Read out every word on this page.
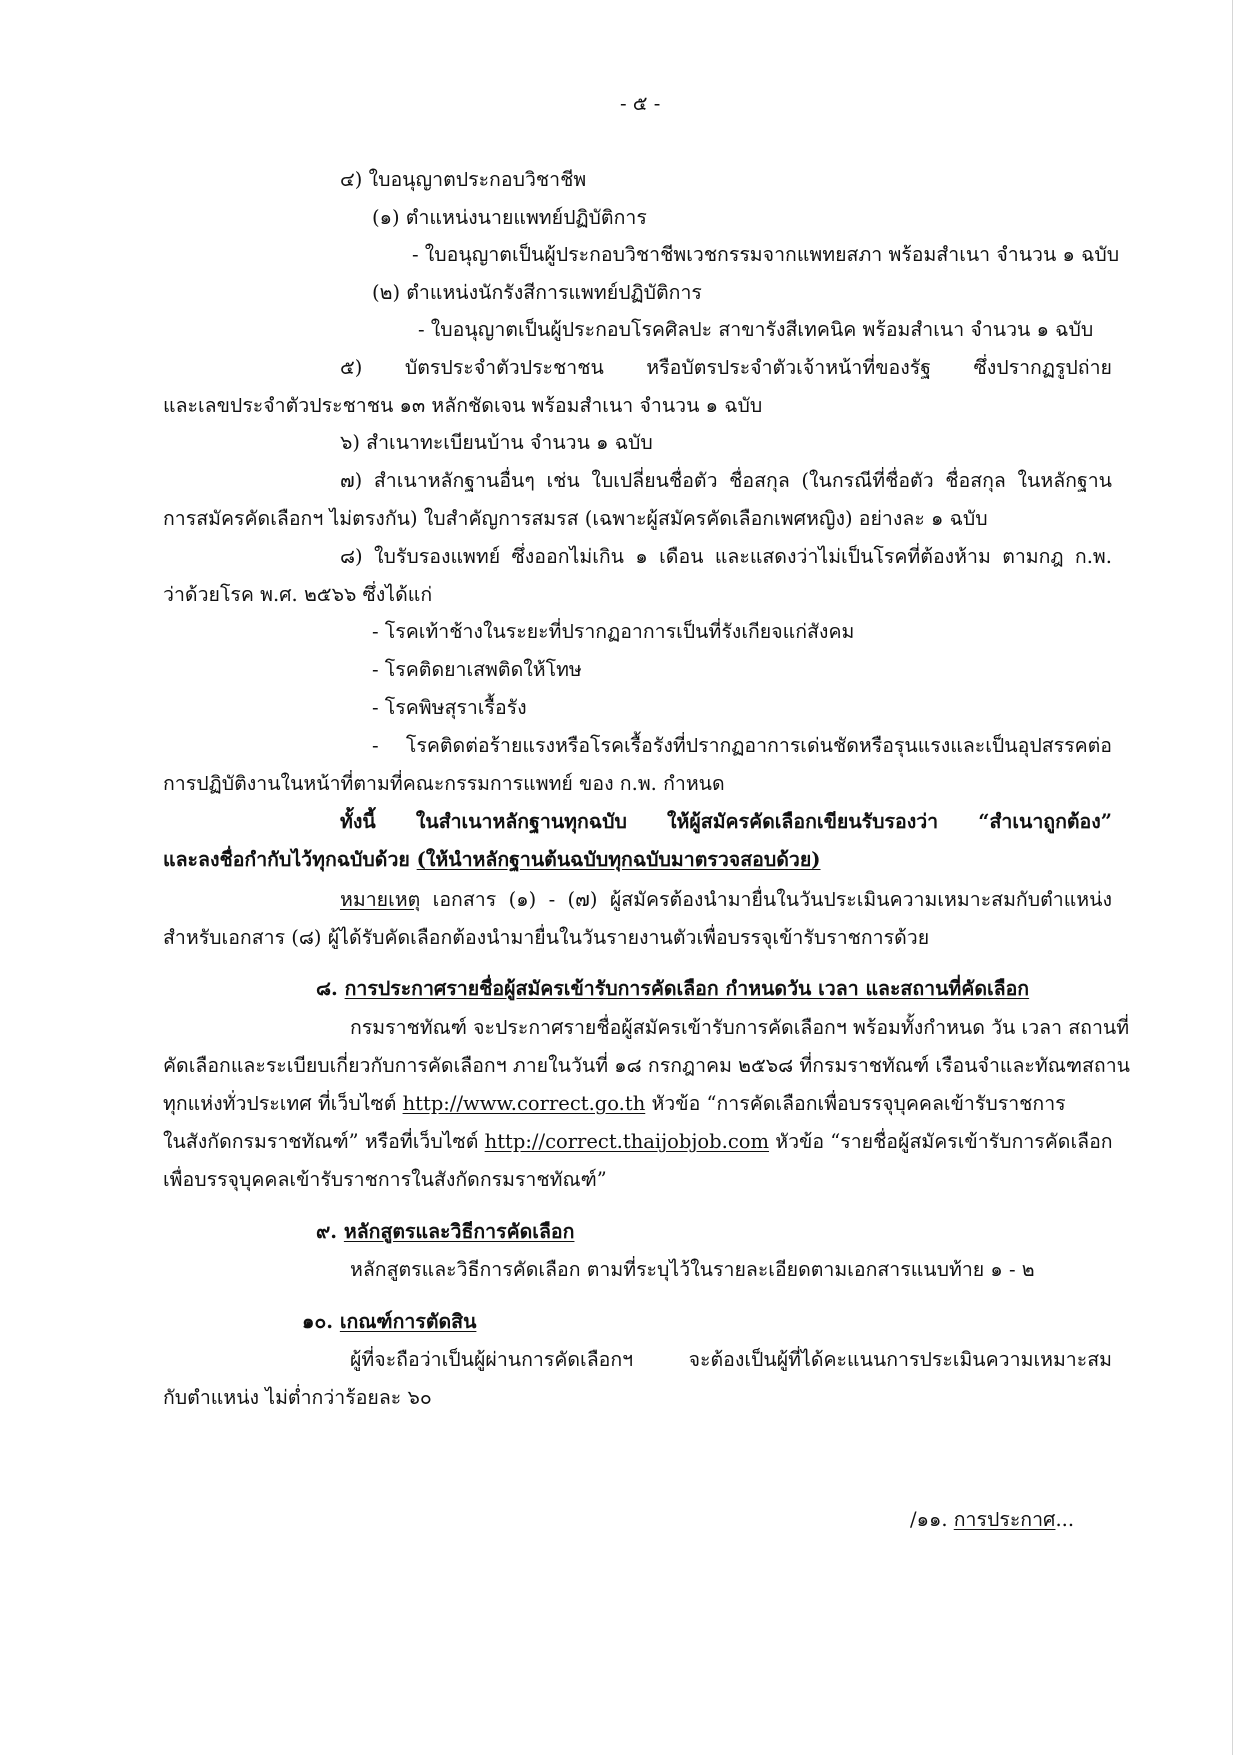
- ๕ -
๔) ใบอนุญาตประกอบวิชาชีพ
(๑) ตำแหน่งนายแพทย์ปฏิบัติการ
- ใบอนุญาตเป็นผู้ประกอบวิชาชีพเวชกรรมจากแพทยสภา พร้อมสำเนา จำนวน ๑ ฉบับ
(๒) ตำแหน่งนักรังสีการแพทย์ปฏิบัติการ
- ใบอนุญาตเป็นผู้ประกอบโรคศิลปะ สาขารังสีเทคนิค พร้อมสำเนา จำนวน ๑ ฉบับ
๕) บัตรประจำตัวประชาชน หรือบัตรประจำตัวเจ้าหน้าที่ของรัฐ ซึ่งปรากฏรูปถ่าย
และเลขประจำตัวประชาชน ๑๓ หลักชัดเจน พร้อมสำเนา จำนวน ๑ ฉบับ
๖) สำเนาทะเบียนบ้าน จำนวน ๑ ฉบับ
๗) สำเนาหลักฐานอื่นๆ เช่น ใบเปลี่ยนชื่อตัว ชื่อสกุล (ในกรณีที่ชื่อตัว ชื่อสกุล ในหลักฐาน
การสมัครคัดเลือกฯ ไม่ตรงกัน) ใบสำคัญการสมรส (เฉพาะผู้สมัครคัดเลือกเพศหญิง) อย่างละ ๑ ฉบับ
๘) ใบรับรองแพทย์ ซึ่งออกไม่เกิน ๑ เดือน และแสดงว่าไม่เป็นโรคที่ต้องห้าม ตามกฎ ก.พ.
ว่าด้วยโรค พ.ศ. ๒๕๖๖ ซึ่งได้แก่
- โรคเท้าช้างในระยะที่ปรากฏอาการเป็นที่รังเกียจแก่สังคม
- โรคติดยาเสพติดให้โทษ
- โรคพิษสุราเรื้อรัง
- โรคติดต่อร้ายแรงหรือโรคเรื้อรังที่ปรากฏอาการเด่นชัดหรือรุนแรงและเป็นอุปสรรคต่อ
การปฏิบัติงานในหน้าที่ตามที่คณะกรรมการแพทย์ ของ ก.พ. กำหนด
ทั้งนี้ ในสำเนาหลักฐานทุกฉบับ ให้ผู้สมัครคัดเลือกเขียนรับรองว่า “สำเนาถูกต้อง”
และลงชื่อกำกับไว้ทุกฉบับด้วย (ให้นำหลักฐานต้นฉบับทุกฉบับมาตรวจสอบด้วย)
หมายเหตุ เอกสาร (๑) - (๗) ผู้สมัครต้องนำมายื่นในวันประเมินความเหมาะสมกับตำแหน่ง
สำหรับเอกสาร (๘) ผู้ได้รับคัดเลือกต้องนำมายื่นในวันรายงานตัวเพื่อบรรจุเข้ารับราชการด้วย
๘. การประกาศรายชื่อผู้สมัครเข้ารับการคัดเลือก กำหนดวัน เวลา และสถานที่คัดเลือก
กรมราชทัณฑ์ จะประกาศรายชื่อผู้สมัครเข้ารับการคัดเลือกฯ พร้อมทั้งกำหนด วัน เวลา สถานที่
คัดเลือกและระเบียบเกี่ยวกับการคัดเลือกฯ ภายในวันที่ ๑๘ กรกฎาคม ๒๕๖๘ ที่กรมราชทัณฑ์ เรือนจำและทัณฑสถาน
ทุกแห่งทั่วประเทศ ที่เว็บไซต์ http://www.correct.go.th หัวข้อ “การคัดเลือกเพื่อบรรจุบุคคลเข้ารับราชการ
ในสังกัดกรมราชทัณฑ์” หรือที่เว็บไซต์ http://correct.thaijobjob.com หัวข้อ “รายชื่อผู้สมัครเข้ารับการคัดเลือก
เพื่อบรรจุบุคคลเข้ารับราชการในสังกัดกรมราชทัณฑ์”
๙. หลักสูตรและวิธีการคัดเลือก
หลักสูตรและวิธีการคัดเลือก ตามที่ระบุไว้ในรายละเอียดตามเอกสารแนบท้าย ๑ - ๒
๑๐. เกณฑ์การตัดสิน
ผู้ที่จะถือว่าเป็นผู้ผ่านการคัดเลือกฯ จะต้องเป็นผู้ที่ได้คะแนนการประเมินความเหมาะสม
กับตำแหน่ง ไม่ต่ำกว่าร้อยละ ๖๐
/๑๑. การประกาศ...
